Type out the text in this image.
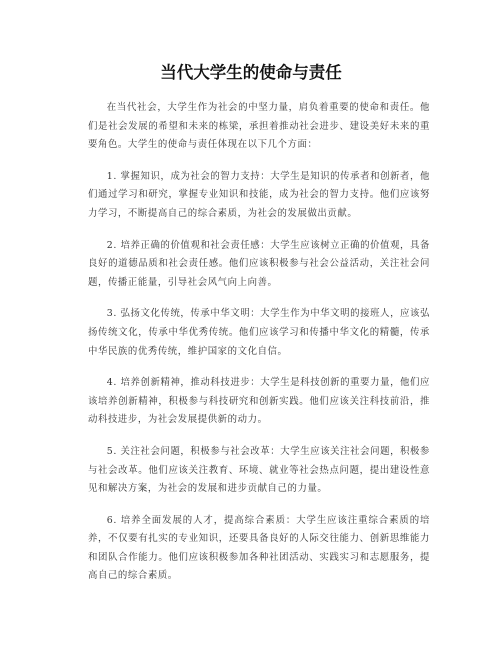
当代大学生的使命与责任

在当代社会，大学生作为社会的中坚力量，肩负着重要的使命和责任。他们是社会发展的希望和未来的栋梁，承担着推动社会进步、建设美好未来的重要角色。大学生的使命与责任体现在以下几个方面：

1. 掌握知识，成为社会的智力支持：大学生是知识的传承者和创新者，他们通过学习和研究，掌握专业知识和技能，成为社会的智力支持。他们应该努力学习，不断提高自己的综合素质，为社会的发展做出贡献。

2. 培养正确的价值观和社会责任感：大学生应该树立正确的价值观，具备良好的道德品质和社会责任感。他们应该积极参与社会公益活动，关注社会问题，传播正能量，引导社会风气向上向善。

3. 弘扬文化传统，传承中华文明：大学生作为中华文明的接班人，应该弘扬传统文化，传承中华优秀传统。他们应该学习和传播中华文化的精髓，传承中华民族的优秀传统，维护国家的文化自信。

4. 培养创新精神，推动科技进步：大学生是科技创新的重要力量，他们应该培养创新精神，积极参与科技研究和创新实践。他们应该关注科技前沿，推动科技进步，为社会发展提供新的动力。

5. 关注社会问题，积极参与社会改革：大学生应该关注社会问题，积极参与社会改革。他们应该关注教育、环境、就业等社会热点问题，提出建设性意见和解决方案，为社会的发展和进步贡献自己的力量。

6. 培养全面发展的人才，提高综合素质：大学生应该注重综合素质的培养，不仅要有扎实的专业知识，还要具备良好的人际交往能力、创新思维能力和团队合作能力。他们应该积极参加各种社团活动、实践实习和志愿服务，提高自己的综合素质。
